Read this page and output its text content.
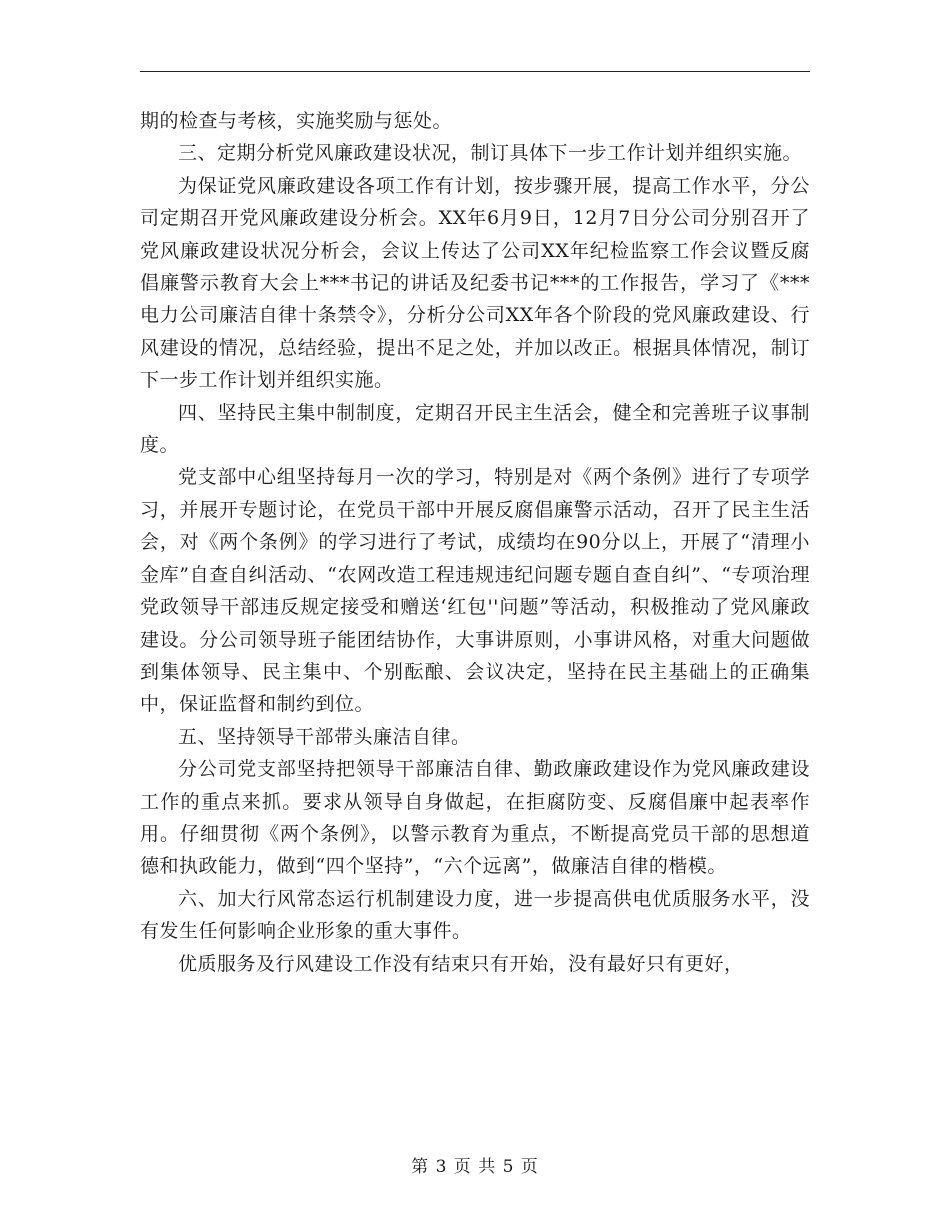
期的检查与考核，实施奖励与惩处。

三、定期分析党风廉政建设状况，制订具体下一步工作计划并组织实施。

为保证党风廉政建设各项工作有计划，按步骤开展，提高工作水平，分公司定期召开党风廉政建设分析会。XX年6月9日，12月7日分公司分别召开了党风廉政建设状况分析会，会议上传达了公司XX年纪检监察工作会议暨反腐倡廉警示教育大会上***书记的讲话及纪委书记***的工作报告，学习了《***电力公司廉洁自律十条禁令》，分析分公司XX年各个阶段的党风廉政建设、行风建设的情况，总结经验，提出不足之处，并加以改正。根据具体情况，制订下一步工作计划并组织实施。

四、坚持民主集中制制度，定期召开民主生活会，健全和完善班子议事制度。

党支部中心组坚持每月一次的学习，特别是对《两个条例》进行了专项学习，并展开专题讨论，在党员干部中开展反腐倡廉警示活动，召开了民主生活会，对《两个条例》的学习进行了考试，成绩均在90分以上，开展了“清理小金库”自查自纠活动、“农网改造工程违规违纪问题专题自查自纠”、“专项治理党政领导干部违反规定接受和赠送‘红包''问题”等活动，积极推动了党风廉政建设。分公司领导班子能团结协作，大事讲原则，小事讲风格，对重大问题做到集体领导、民主集中、个别酝酿、会议决定，坚持在民主基础上的正确集中，保证监督和制约到位。

五、坚持领导干部带头廉洁自律。

分公司党支部坚持把领导干部廉洁自律、勤政廉政建设作为党风廉政建设工作的重点来抓。要求从领导自身做起，在拒腐防变、反腐倡廉中起表率作用。仔细贯彻《两个条例》，以警示教育为重点，不断提高党员干部的思想道德和执政能力，做到“四个坚持”，“六个远离”，做廉洁自律的楷模。

六、加大行风常态运行机制建设力度，进一步提高供电优质服务水平，没有发生任何影响企业形象的重大事件。

优质服务及行风建设工作没有结束只有开始，没有最好只有更好，

第 3 页 共 5 页
